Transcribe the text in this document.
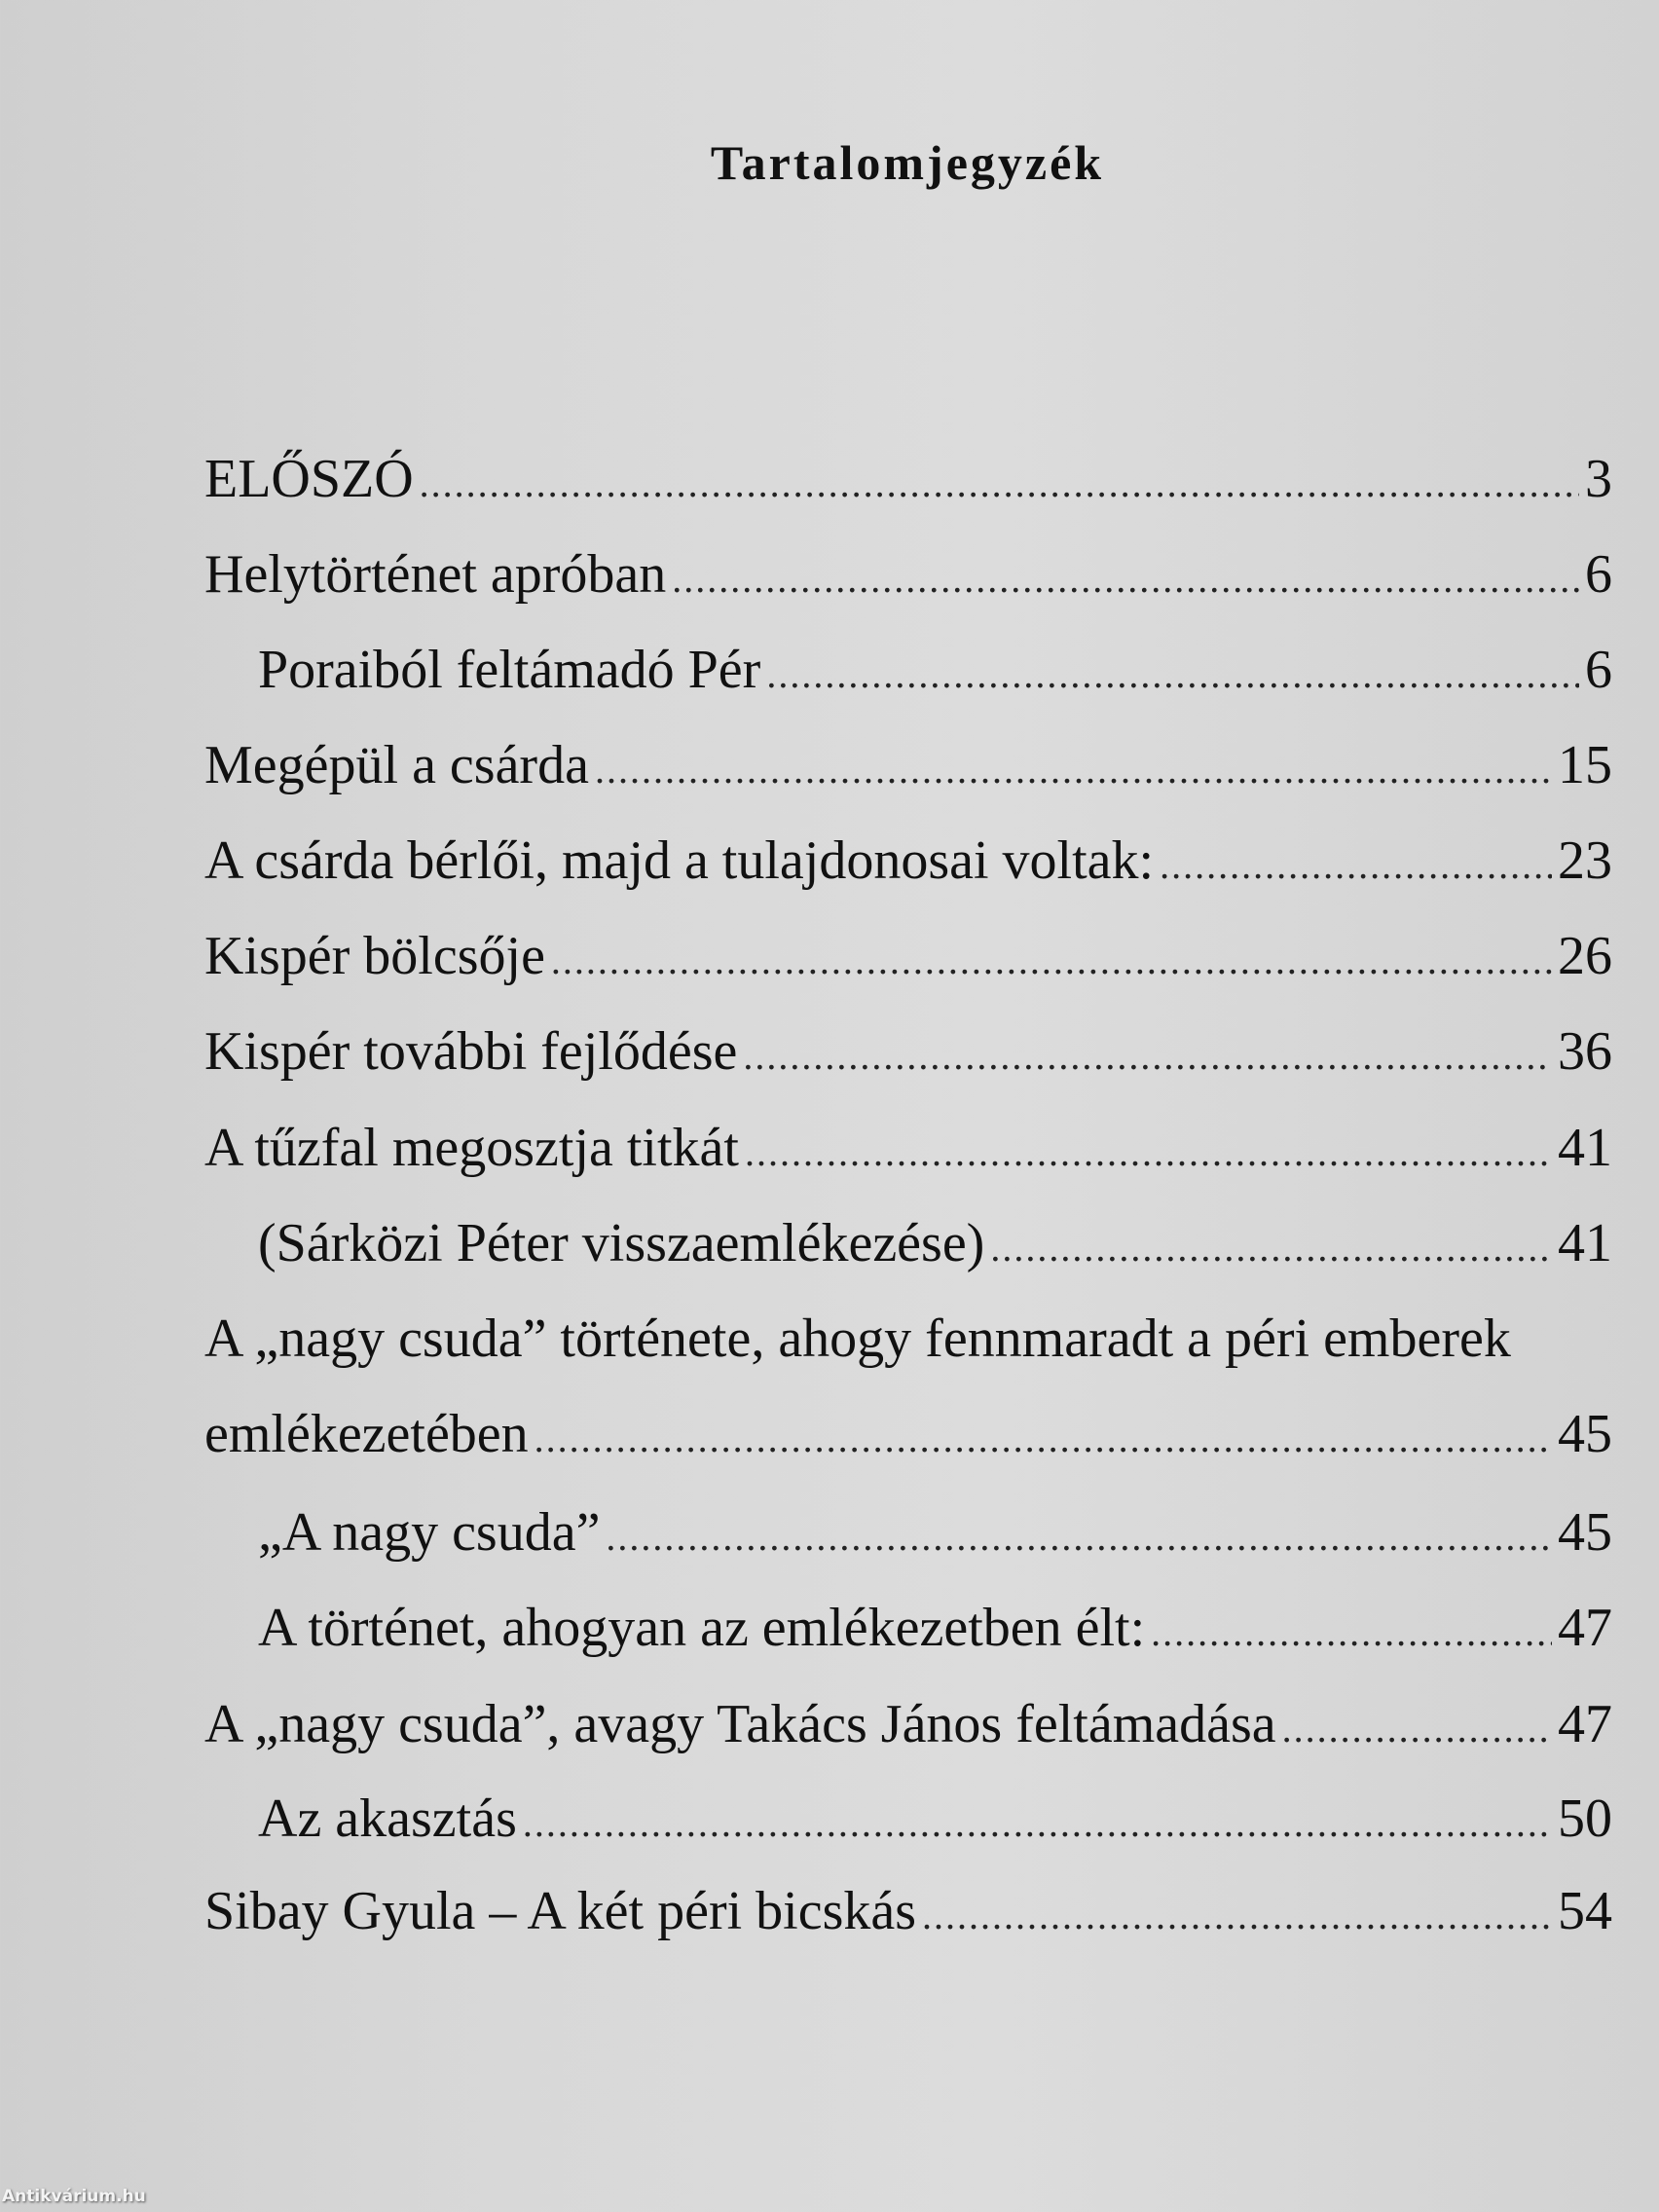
Tartalomjegyzék
ELŐSZÓ .....	3
Helytörténet apróban .....	6
Poraiból feltámadó Pér .....	6
Megépül a csárda .....	15
A csárda bérlői, majd a tulajdonosai voltak: .....	23
Kispér bölcsője .....	26
Kispér további fejlődése .....	36
A tűzfal megosztja titkát .....	41
(Sárközi Péter visszaemlékezése) .....	41
A „nagy csuda” története, ahogy fennmaradt a péri emberek
emlékezetében .....	45
„A nagy csuda” .....	45
A történet, ahogyan az emlékezetben élt: .....	47
A „nagy csuda”, avagy Takács János feltámadása .....	47
Az akasztás .....	50
Sibay Gyula – A két péri bicskás .....	54
Antikvárium.hu
